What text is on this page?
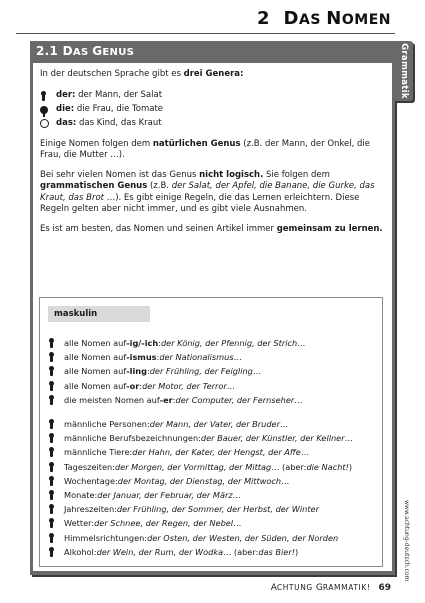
2 DAS NOMEN
2.1 DAS GENUS

In der deutschen Sprache gibt es drei Genera:

der:
der Mann, der Salat
die:
die Frau, die Tomate
das:
das Kind, das Kraut

Einige Nomen folgen dem natürlichen Genus (z.B. der Mann, der Onkel, die Frau, die Mutter …).

Bei sehr vielen Nomen ist das Genus nicht logisch. Sie folgen dem grammatischen Genus (z.B. der Salat, der Apfel, die Banane, die Gurke, das Kraut, das Brot …). Es gibt einige Regeln, die das Lernen erleichtern. Diese Regeln gelten aber nicht immer, und es gibt viele Ausnahmen.

Es ist am besten, das Nomen und seinen Artikel immer gemeinsam zu lernen.

maskulin
alle Nomen auf -ig/-ich : der König, der Pfennig, der Strich …
alle Nomen auf -ismus : der Nationalismus …
alle Nomen auf -ling : der Frühling, der Feigling …
alle Nomen auf -or : der Motor, der Terror …
die meisten Nomen auf -er : der Computer, der Fernseher …
männliche Personen: der Mann, der Vater, der Bruder …
männliche Berufsbezeichnungen: der Bauer, der Künstler, der Kellner …
männliche Tiere: der Hahn, der Kater, der Hengst, der Affe …
Tageszeiten: der Morgen, der Vormittag, der Mittag … (aber: die Nacht! )
Wochentage: der Montag, der Dienstag, der Mittwoch …
Monate: der Januar, der Februar, der März …
Jahreszeiten: der Frühling, der Sommer, der Herbst, der Winter
Wetter: der Schnee, der Regen, der Nebel …
Himmelsrichtungen: der Osten, der Westen, der Süden, der Norden
Alkohol: der Wein, der Rum, der Wodka … (aber: das Bier! )
Grammatik
www.achtung-deutsch.com
ACHTUNG GRAMMATIK! 69
